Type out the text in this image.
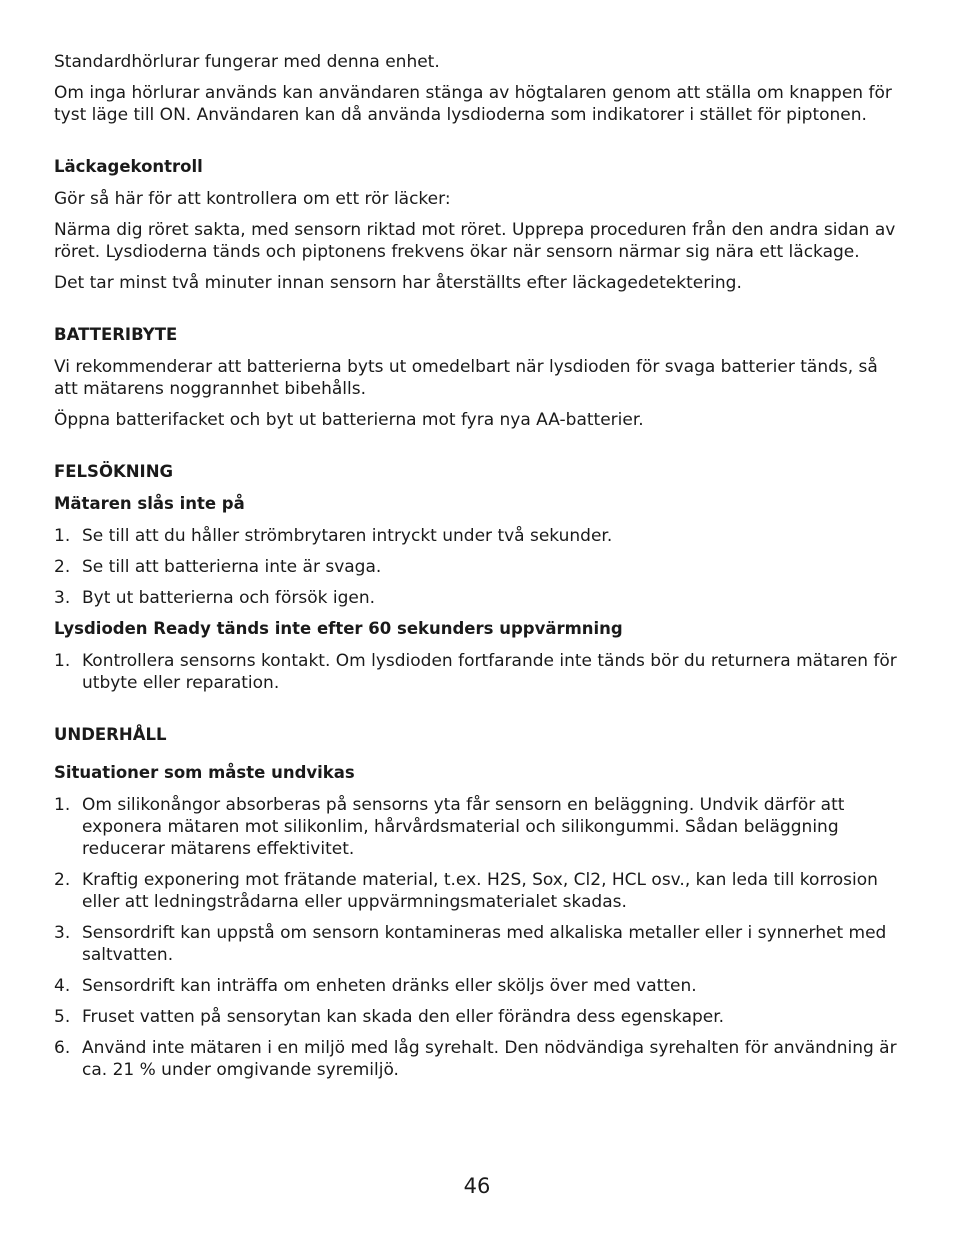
Standardhörlurar fungerar med denna enhet.

Om inga hörlurar används kan användaren stänga av högtalaren genom att ställa om knappen för tyst läge till ON. Användaren kan då använda lysdioderna som indikatorer i stället för piptonen.

Läckagekontroll

Gör så här för att kontrollera om ett rör läcker:

Närma dig röret sakta, med sensorn riktad mot röret. Upprepa proceduren från den andra sidan av röret. Lysdioderna tänds och piptonens frekvens ökar när sensorn närmar sig nära ett läckage.

Det tar minst två minuter innan sensorn har återställts efter läckagedetektering.

BATTERIBYTE

Vi rekommenderar att batterierna byts ut omedelbart när lysdioden för svaga batterier tänds, så att mätarens noggrannhet bibehålls.

Öppna batterifacket och byt ut batterierna mot fyra nya AA-batterier.

FELSÖKNING
Mätaren slås inte på
1. Se till att du håller strömbrytaren intryckt under två sekunder.
2. Se till att batterierna inte är svaga.
3. Byt ut batterierna och försök igen.
Lysdioden Ready tänds inte efter 60 sekunders uppvärmning
1. Kontrollera sensorns kontakt. Om lysdioden fortfarande inte tänds bör du returnera mätaren för utbyte eller reparation.
UNDERHÅLL
Situationer som måste undvikas
1. Om silikonångor absorberas på sensorns yta får sensorn en beläggning. Undvik därför att exponera mätaren mot silikonlim, hårvårdsmaterial och silikongummi. Sådan beläggning reducerar mätarens effektivitet.
2. Kraftig exponering mot frätande material, t.ex. H2S, Sox, Cl2, HCL osv., kan leda till korrosion eller att ledningstrådarna eller uppvärmningsmaterialet skadas.
3. Sensordrift kan uppstå om sensorn kontamineras med alkaliska metaller eller i synnerhet med saltvatten.
4. Sensordrift kan inträffa om enheten dränks eller sköljs över med vatten.
5. Fruset vatten på sensorytan kan skada den eller förändra dess egenskaper.
6. Använd inte mätaren i en miljö med låg syrehalt. Den nödvändiga syrehalten för användning är ca. 21 % under omgivande syremiljö.
46
